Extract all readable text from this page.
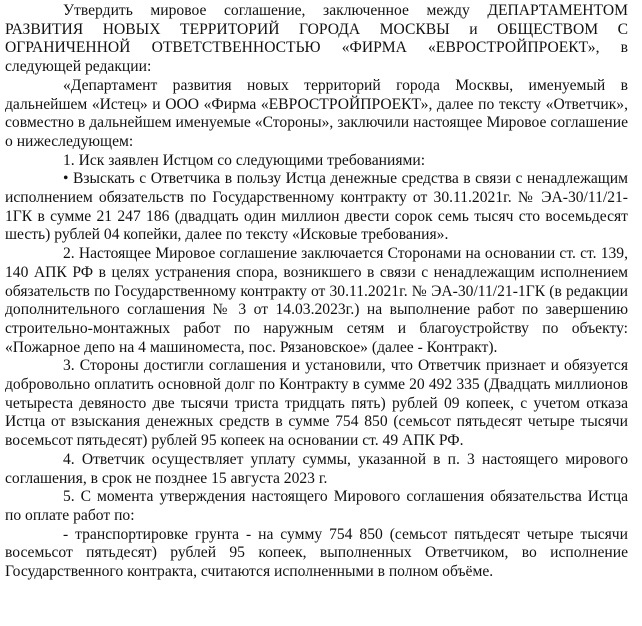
Утвердить мировое соглашение, заключенное между ДЕПАРТАМЕНТОМ РАЗВИТИЯ НОВЫХ ТЕРРИТОРИЙ ГОРОДА МОСКВЫ и ОБЩЕСТВОМ С ОГРАНИЧЕННОЙ ОТВЕТСТВЕННОСТЬЮ «ФИРМА «ЕВРОСТРОЙПРОЕКТ», в следующей редакции:

«Департамент развития новых территорий города Москвы, именуемый в дальнейшем «Истец» и ООО «Фирма «ЕВРОСТРОЙПРОЕКТ», далее по тексту «Ответчик», совместно в дальнейшем именуемые «Стороны», заключили настоящее Мировое соглашение о нижеследующем:

1. Иск заявлен Истцом со следующими требованиями:

• Взыскать с Ответчика в пользу Истца денежные средства в связи с ненадлежащим исполнением обязательств по Государственному контракту от 30.11.2021г. № ЭА-30/11/21-1ГК в сумме 21 247 186 (двадцать один миллион двести сорок семь тысяч сто восемьдесят шесть) рублей 04 копейки, далее по тексту «Исковые требования».

2. Настоящее Мировое соглашение заключается Сторонами на основании ст. ст. 139, 140 АПК РФ в целях устранения спора, возникшего в связи с ненадлежащим исполнением обязательств по Государственному контракту от 30.11.2021г. № ЭА-30/11/21-1ГК (в редакции дополнительного соглашения № 3 от 14.03.2023г.) на выполнение работ по завершению строительно-монтажных работ по наружным сетям и благоустройству по объекту: «Пожарное депо на 4 машиноместа, пос. Рязановское» (далее - Контракт).

3. Стороны достигли соглашения и установили, что Ответчик признает и обязуется добровольно оплатить основной долг по Контракту в сумме 20 492 335 (Двадцать миллионов четыреста девяносто две тысячи триста тридцать пять) рублей 09 копеек, с учетом отказа Истца от взыскания денежных средств в сумме 754 850 (семьсот пятьдесят четыре тысячи восемьсот пятьдесят) рублей 95 копеек на основании ст. 49 АПК РФ.

4. Ответчик осуществляет уплату суммы, указанной в п. 3 настоящего мирового соглашения, в срок не позднее 15 августа 2023 г.

5. С момента утверждения настоящего Мирового соглашения обязательства Истца по оплате работ по:

- транспортировке грунта - на сумму 754 850 (семьсот пятьдесят четыре тысячи восемьсот пятьдесят) рублей 95 копеек, выполненных Ответчиком, во исполнение Государственного контракта, считаются исполненными в полном объёме.
